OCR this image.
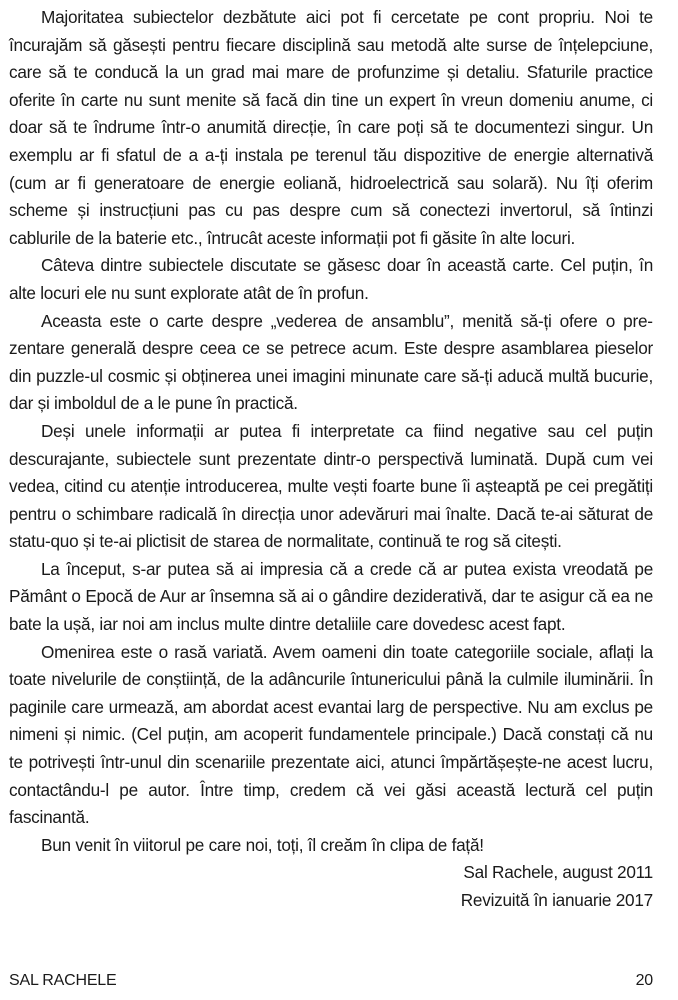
Majoritatea subiectelor dezbătute aici pot fi cercetate pe cont propriu. Noi te încurajăm să găsești pentru fiecare disciplină sau metodă alte surse de înțelepciune, care să te conducă la un grad mai mare de profunzime și detaliu. Sfaturile practice oferite în carte nu sunt menite să facă din tine un expert în vreun domeniu anume, ci doar să te îndrume într-o anumită direcție, în care poți să te documentezi singur. Un exemplu ar fi sfatul de a a-ți instala pe terenul tău dispozitive de energie alternativă (cum ar fi generatoare de energie eoliană, hidroelectrică sau solară). Nu îți oferim scheme și instrucțiuni pas cu pas despre cum să conectezi invertorul, să întinzi cablurile de la baterie etc., întrucât aceste informații pot fi găsite în alte locuri.

Câteva dintre subiectele discutate se găsesc doar în această carte. Cel puțin, în alte locuri ele nu sunt explorate atât de în profun.

Aceasta este o carte despre „vederea de ansamblu”, menită să-ți ofere o prezentare generală despre ceea ce se petrece acum. Este despre asamblarea pieselor din puzzle-ul cosmic și obținerea unei imagini minunate care să-ți aducă multă bucurie, dar și imboldul de a le pune în practică.

Deși unele informații ar putea fi interpretate ca fiind negative sau cel puțin descurajante, subiectele sunt prezentate dintr-o perspectivă luminată. După cum vei vedea, citind cu atenție introducerea, multe vești foarte bune îi așteaptă pe cei pregătiți pentru o schimbare radicală în direcția unor adevăruri mai înalte. Dacă te-ai săturat de statu-quo și te-ai plictisit de starea de normalitate, continuă te rog să citești.

La început, s-ar putea să ai impresia că a crede că ar putea exista vreodată pe Pământ o Epocă de Aur ar însemna să ai o gândire deziderativă, dar te asigur că ea ne bate la ușă, iar noi am inclus multe dintre detaliile care dovedesc acest fapt.

Omenirea este o rasă variată. Avem oameni din toate categoriile sociale, aflați la toate nivelurile de conștiință, de la adâncurile întunericului până la culmile iluminării. În paginile care urmează, am abordat acest evantai larg de perspective. Nu am exclus pe nimeni și nimic. (Cel puțin, am acoperit fundamentele principale.) Dacă constați că nu te potrivești într-unul din scenariile prezentate aici, atunci împărtășește-ne acest lucru, contactându-l pe autor. Între timp, credem că vei găsi această lectură cel puțin fascinantă.

Bun venit în viitorul pe care noi, toți, îl creăm în clipa de față!

Sal Rachele, august 2011

Revizuită în ianuarie 2017

SAL RACHELE	20
